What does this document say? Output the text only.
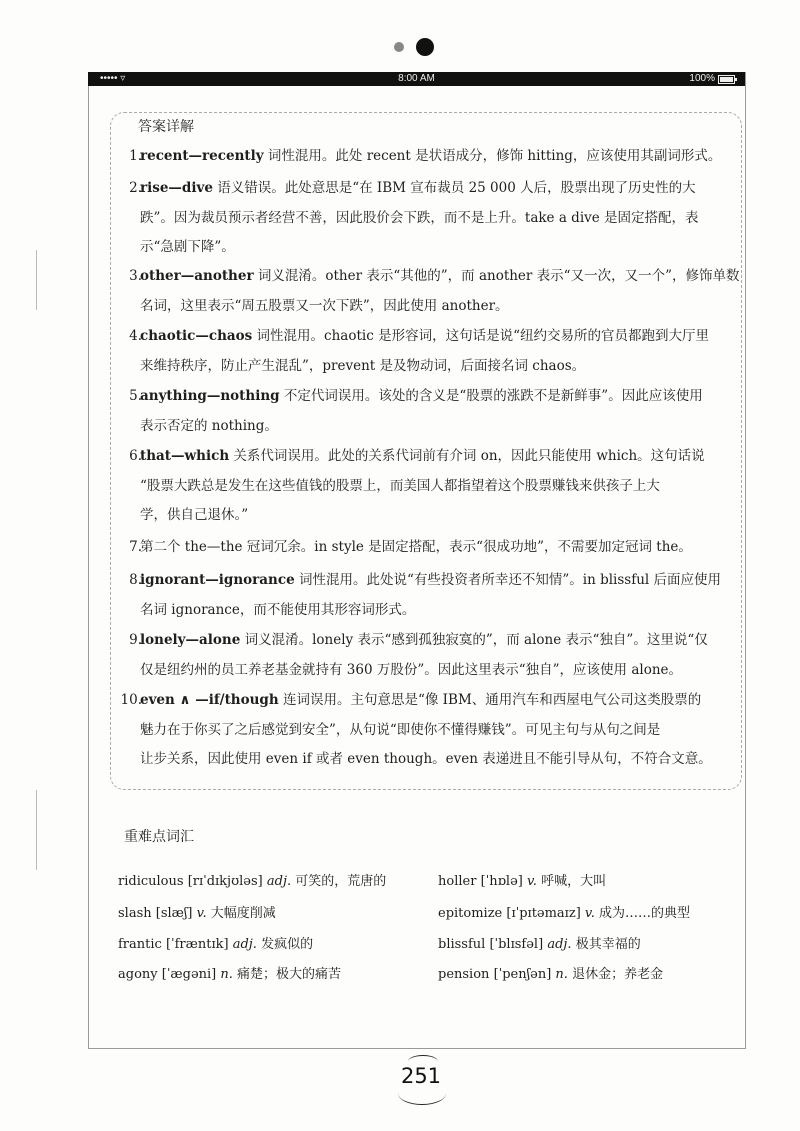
••••• ▿	8:00 AM	100%
答案详解
1.
recent—recently 词性混用。此处 recent 是状语成分，修饰 hitting，应该使用其副词形式。
2.
rise—dive 语义错误。此处意思是“在 IBM 宣布裁员 25 000 人后，股票出现了历史性的大
跌”。因为裁员预示者经营不善，因此股价会下跌，而不是上升。take a dive 是固定搭配，表
示“急剧下降”。
3.
other—another 词义混淆。other 表示“其他的”，而 another 表示“又一次，又一个”，修饰单数
名词，这里表示“周五股票又一次下跌”，因此使用 another。
4.
chaotic—chaos 词性混用。chaotic 是形容词，这句话是说“纽约交易所的官员都跑到大厅里
来维持秩序，防止产生混乱”，prevent 是及物动词，后面接名词 chaos。
5.
anything—nothing 不定代词误用。该处的含义是“股票的涨跌不是新鲜事”。因此应该使用
表示否定的 nothing。
6.
that—which 关系代词误用。此处的关系代词前有介词 on，因此只能使用 which。这句话说
“股票大跌总是发生在这些值钱的股票上，而美国人都指望着这个股票赚钱来供孩子上大
学，供自己退休。”
7.
第二个 the—the 冠词冗余。in style 是固定搭配，表示“很成功地”，不需要加定冠词 the。
8.
ignorant—ignorance 词性混用。此处说“有些投资者所幸还不知情”。in blissful 后面应使用
名词 ignorance，而不能使用其形容词形式。
9.
lonely—alone 词义混淆。lonely 表示“感到孤独寂寞的”，而 alone 表示“独自”。这里说“仅
仅是纽约州的员工养老基金就持有 360 万股份”。因此这里表示“独自”，应该使用 alone。
10.
even ∧ —if/though 连词误用。主句意思是“像 IBM、通用汽车和西屋电气公司这类股票的
魅力在于你买了之后感觉到安全”，从句说“即使你不懂得赚钱”。可见主句与从句之间是
让步关系，因此使用 even if 或者 even though。even 表递进且不能引导从句，不符合文意。
重难点词汇
ridiculous [rɪˈdɪkjʊləs] adj. 可笑的，荒唐的
slash [slæʃ] v. 大幅度削减
frantic [ˈfræntɪk] adj. 发疯似的
agony [ˈægəni] n. 痛楚；极大的痛苦
holler [ˈhɒlə] v. 呼喊，大叫
epitomize [ɪˈpɪtəmaɪz] v. 成为……的典型
blissful [ˈblɪsfəl] adj. 极其幸福的
pension [ˈpenʃən] n. 退休金；养老金
251
